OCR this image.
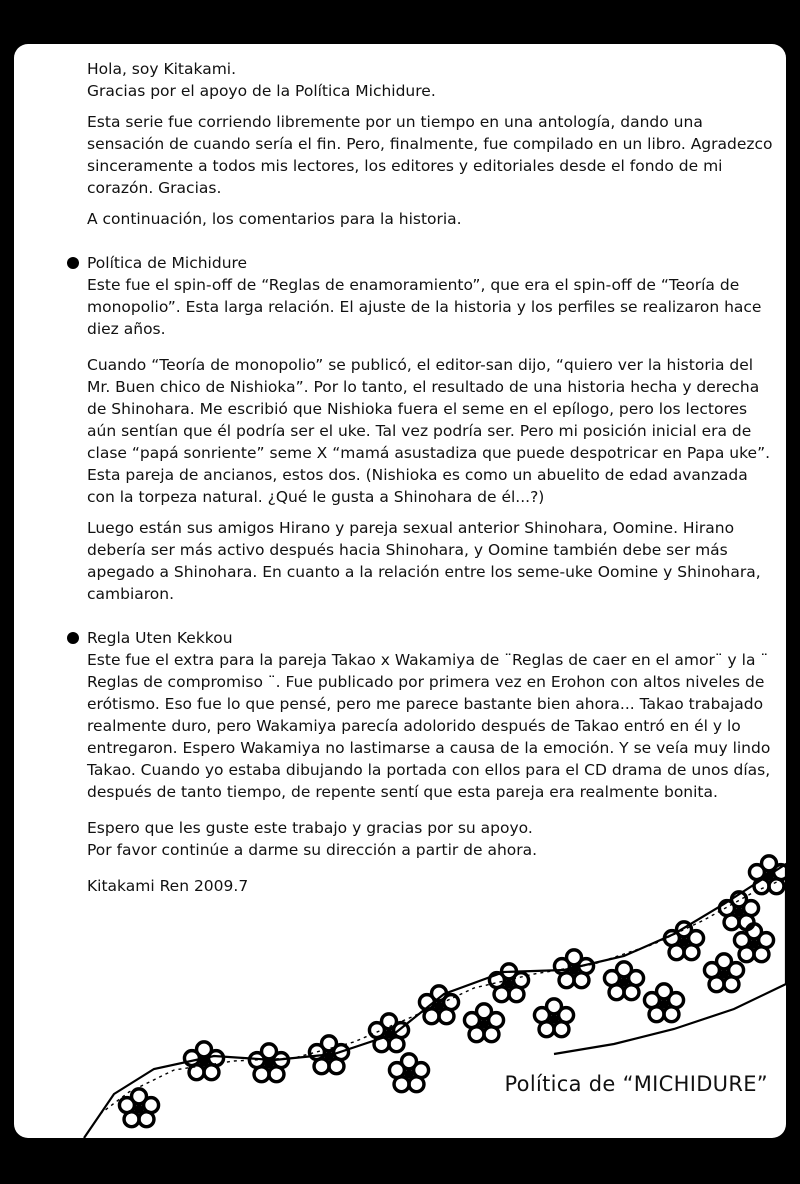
Hola, soy Kitakami.

Gracias por el apoyo de la Política Michidure.

Esta serie fue corriendo libremente por un tiempo en una antología, dando una sensación de cuando sería el fin. Pero, finalmente, fue compilado en un libro. Agradezco sinceramente a todos mis lectores, los editores y editoriales desde el fondo de mi corazón. Gracias.

A continuación, los comentarios para la historia.

Política de Michidure

Este fue el spin-off de “Reglas de enamoramiento”, que era el spin-off de “Teoría de monopolio”. Esta larga relación. El ajuste de la historia y los perfiles se realizaron hace diez años.

Cuando “Teoría de monopolio” se publicó, el editor-san dijo, “quiero ver la historia del Mr. Buen chico de Nishioka”. Por lo tanto, el resultado de una historia hecha y derecha de Shinohara. Me escribió que Nishioka fuera el seme en el epílogo, pero los lectores aún sentían que él podría ser el uke. Tal vez podría ser. Pero mi posición inicial era de clase “papá sonriente” seme X “mamá asustadiza que puede despotricar en Papa uke”. Esta pareja de ancianos, estos dos. (Nishioka es como un abuelito de edad avanzada con la torpeza natural. ¿Qué le gusta a Shinohara de él...?)

Luego están sus amigos Hirano y pareja sexual anterior Shinohara, Oomine. Hirano debería ser más activo después hacia Shinohara, y Oomine también debe ser más apegado a Shinohara. En cuanto a la relación entre los seme-uke Oomine y Shinohara, cambiaron.

Regla Uten Kekkou

Este fue el extra para la pareja Takao x Wakamiya de ¨Reglas de caer en el amor¨ y la ¨ Reglas de compromiso ¨. Fue publicado por primera vez en Erohon con altos niveles de erótismo. Eso fue lo que pensé, pero me parece bastante bien ahora... Takao trabajado realmente duro, pero Wakamiya parecía adolorido después de Takao entró en él y lo entregaron. Espero Wakamiya no lastimarse a causa de la emoción. Y se veía muy lindo Takao. Cuando yo estaba dibujando la portada con ellos para el CD drama de unos días, después de tanto tiempo, de repente sentí que esta pareja era realmente bonita.

Espero que les guste este trabajo y gracias por su apoyo.

Por favor continúe a darme su dirección a partir de ahora.

Kitakami Ren 2009.7

Política de “MICHIDURE”
